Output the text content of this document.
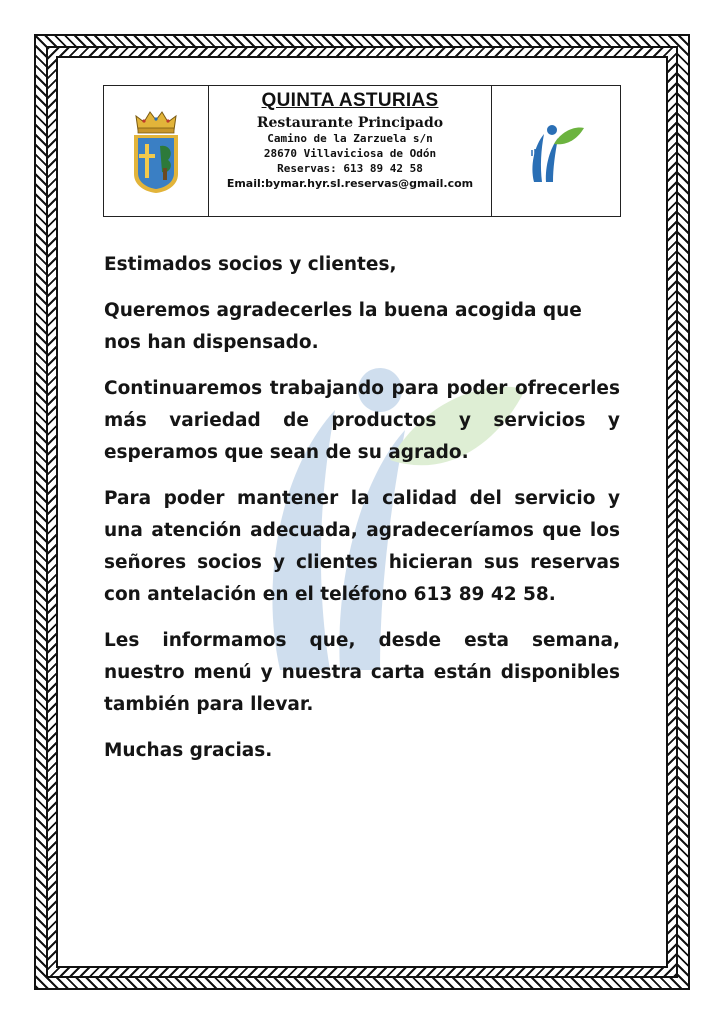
QUINTA ASTURIAS
Restaurante Principado
Camino de la Zarzuela s/n
28670 Villaviciosa de Odón
Reservas: 613 89 42 58
Email:bymar.hyr.sl.reservas@gmail.com

Estimados socios y clientes,

Queremos agradecerles la buena acogida que nos han dispensado.

Continuaremos trabajando para poder ofrecerles más variedad de productos y servicios y esperamos que sean de su agrado.

Para poder mantener la calidad del servicio y una atención adecuada, agradeceríamos que los señores socios y clientes hicieran sus reservas con antelación en el teléfono 613 89 42 58.

Les informamos que, desde esta semana, nuestro menú y nuestra carta están disponibles también para llevar.

Muchas gracias.
